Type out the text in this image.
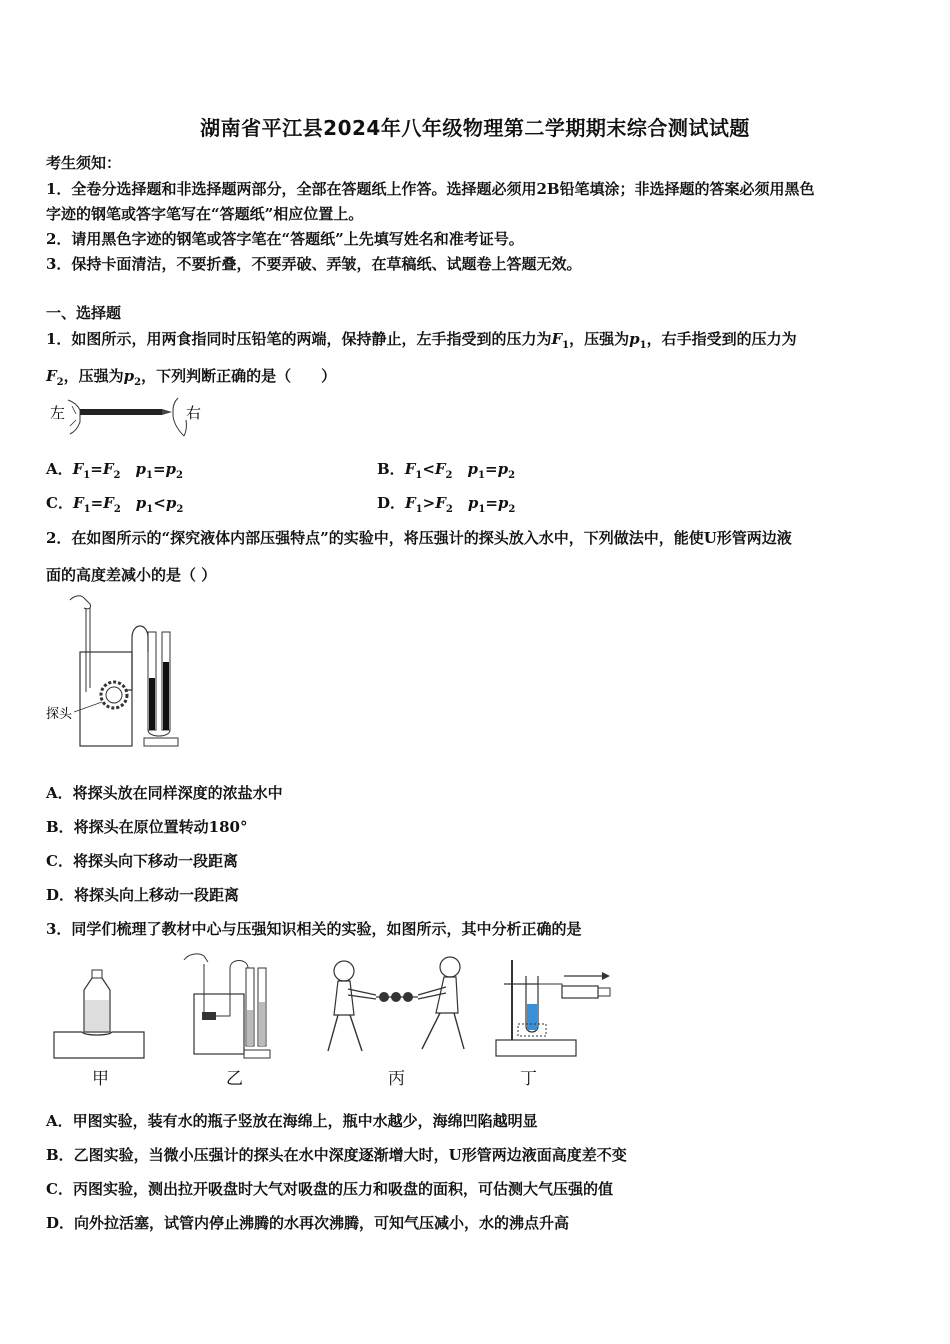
湖南省平江县2024年八年级物理第二学期期末综合测试试题
考生须知：
1．全卷分选择题和非选择题两部分，全部在答题纸上作答。选择题必须用2B铅笔填涂；非选择题的答案必须用黑色
字迹的钢笔或答字笔写在“答题纸”相应位置上。
2．请用黑色字迹的钢笔或答字笔在“答题纸”上先填写姓名和准考证号。
3．保持卡面清洁，不要折叠，不要弄破、弄皱，在草稿纸、试题卷上答题无效。
一、选择题
1．如图所示，用两食指同时压铅笔的两端，保持静止，左手指受到的压力为$F_1$，压强为$p_1$，右手指受到的压力为
$F_2$，压强为$p_2$，下列判断正确的是（　　）
左	右
A．$F_1=F_2$  $p_1=p_2$	B．$F_1<F_2$  $p_1=p_2$
C．$F_1=F_2$  $p_1<p_2$	D．$F_1>F_2$  $p_1=p_2$
2．在如图所示的“探究液体内部压强特点”的实验中，将压强计的探头放入水中，下列做法中，能使U形管两边液
面的高度差减小的是（ ）
探头
A．将探头放在同样深度的浓盐水中
B．将探头在原位置转动180°
C．将探头向下移动一段距离
D．将探头向上移动一段距离
3．同学们梳理了教材中心与压强知识相关的实验，如图所示，其中分析正确的是
甲	乙	丙	丁
A．甲图实验，装有水的瓶子竖放在海绵上，瓶中水越少，海绵凹陷越明显
B．乙图实验，当微小压强计的探头在水中深度逐渐增大时，U形管两边液面高度差不变
C．丙图实验，测出拉开吸盘时大气对吸盘的压力和吸盘的面积，可估测大气压强的值
D．向外拉活塞，试管内停止沸腾的水再次沸腾，可知气压减小，水的沸点升高
